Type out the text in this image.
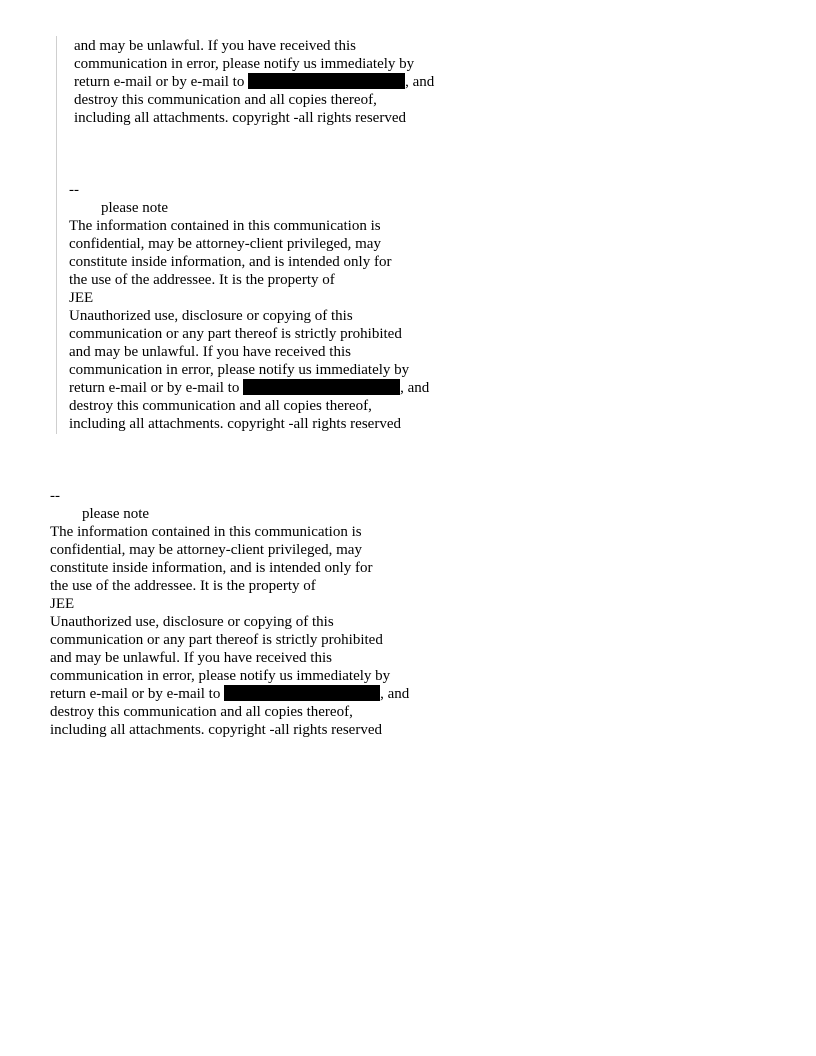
and may be unlawful. If you have received this
communication in error, please notify us immediately by
return e-mail or by e-mail to	, and
destroy this communication and all copies thereof,
including all attachments. copyright -all rights reserved
--
please note
The information contained in this communication is
confidential, may be attorney-client privileged, may
constitute inside information, and is intended only for
the use of the addressee. It is the property of
JEE
Unauthorized use, disclosure or copying of this
communication or any part thereof is strictly prohibited
and may be unlawful. If you have received this
communication in error, please notify us immediately by
return e-mail or by e-mail to	, and
destroy this communication and all copies thereof,
including all attachments. copyright -all rights reserved
--
please note
The information contained in this communication is
confidential, may be attorney-client privileged, may
constitute inside information, and is intended only for
the use of the addressee. It is the property of
JEE
Unauthorized use, disclosure or copying of this
communication or any part thereof is strictly prohibited
and may be unlawful. If you have received this
communication in error, please notify us immediately by
return e-mail or by e-mail to	, and
destroy this communication and all copies thereof,
including all attachments. copyright -all rights reserved
